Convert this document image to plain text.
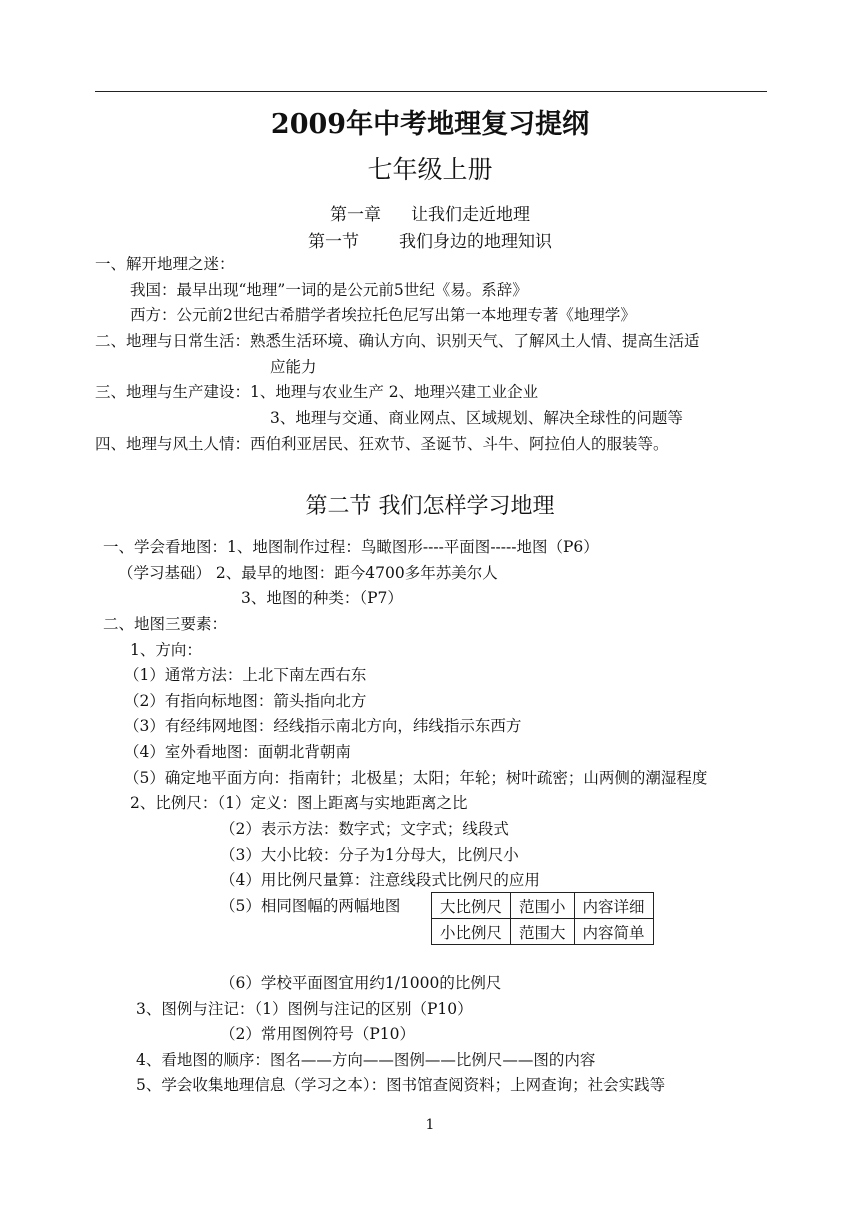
2009年中考地理复习提纲
七年级上册
第一章 让我们走近地理
第一节 我们身边的地理知识
一、解开地理之迷：
我国：最早出现“地理”一词的是公元前5世纪《易。系辞》
西方：公元前2世纪古希腊学者埃拉托色尼写出第一本地理专著《地理学》
二、地理与日常生活：熟悉生活环境、确认方向、识别天气、了解风土人情、提高生活适
应能力
三、地理与生产建设：1、地理与农业生产 2、地理兴建工业企业
3、地理与交通、商业网点、区域规划、解决全球性的问题等
四、地理与风土人情：西伯利亚居民、狂欢节、圣诞节、斗牛、阿拉伯人的服装等。
第二节 我们怎样学习地理
一、学会看地图：1、地图制作过程：鸟瞰图形----平面图-----地图（P6）
（学习基础） 2、最早的地图：距今4700多年苏美尔人
3、地图的种类：（P7）
二、地图三要素：
1、方向：
（1）通常方法：上北下南左西右东
（2）有指向标地图：箭头指向北方
（3）有经纬网地图：经线指示南北方向，纬线指示东西方
（4）室外看地图：面朝北背朝南
（5）确定地平面方向：指南针；北极星；太阳；年轮；树叶疏密；山两侧的潮湿程度
2、比例尺：（1）定义：图上距离与实地距离之比
（2）表示方法：数字式；文字式；线段式
（3）大小比较：分子为1分母大，比例尺小
（4）用比例尺量算：注意线段式比例尺的应用
（5）相同图幅的两幅地图	大比例尺	范围小	内容详细
小比例尺	范围大	内容简单
（6）学校平面图宜用约1/1000的比例尺
3、图例与注记：（1）图例与注记的区别（P10）
（2）常用图例符号（P10）
4、看地图的顺序：图名——方向——图例——比例尺——图的内容
5、学会收集地理信息（学习之本）：图书馆查阅资料；上网查询；社会实践等
1
